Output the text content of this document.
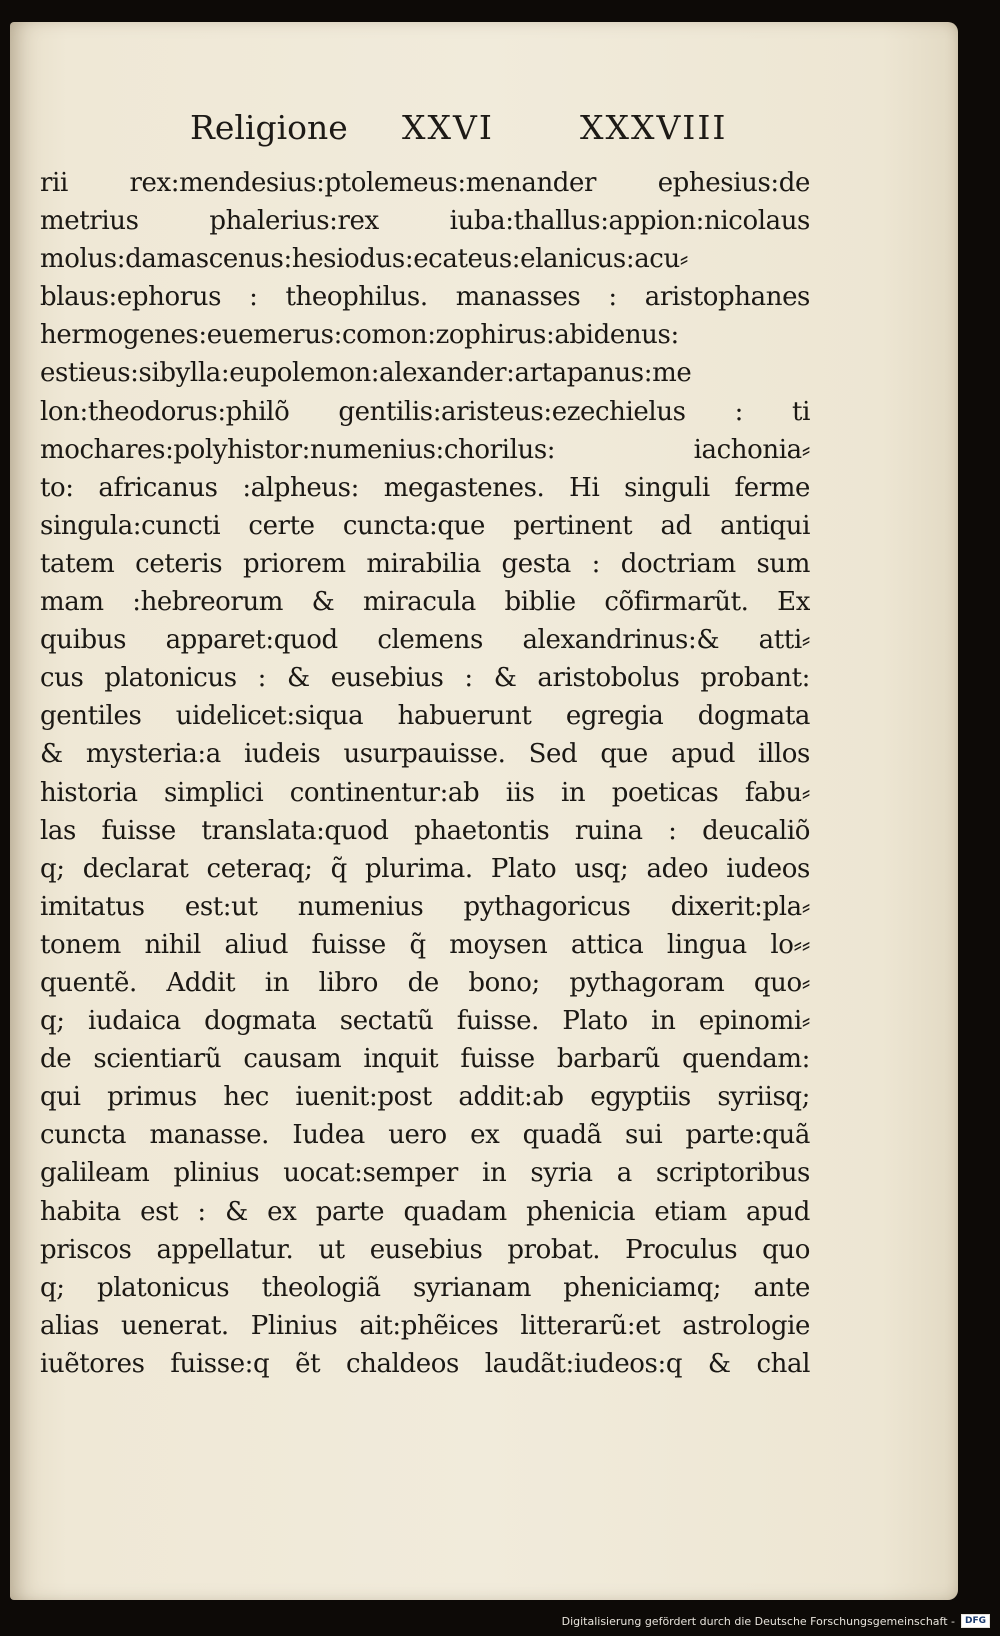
Religione XXVI	XXXVIII
rii rex:mendesius:ptolemeus:menander ephesius:de
metrius phalerius:rex iuba:thallus:appion:nicolaus
molus:damascenus:hesiodus:ecateus:elanicus:acu⸗
blaus:ephorus : theophilus. manasses : aristophanes
hermogenes:euemerus:comon:zophirus:abidenus:
estieus:sibylla:eupolemon:alexander:artapanus:me
lon:theodorus:philõ gentilis:aristeus:ezechielus : ti
mochares:polyhistor:numenius:chorilus: iachonia⸗
to: africanus :alpheus: megastenes. Hi singuli ferme
singula:cuncti certe cuncta:que pertinent ad antiqui
tatem ceteris priorem mirabilia gesta : doctriam sum
mam :hebreorum & miracula biblie cõfirmarũt. Ex
quibus apparet:quod clemens alexandrinus:& atti⸗
cus platonicus : & eusebius : & aristobolus probant:
gentiles uidelicet:siqua habuerunt egregia dogmata
& mysteria:a iudeis usurpauisse. Sed que apud illos
historia simplici continentur:ab iis in poeticas fabu⸗
las fuisse translata:quod phaetontis ruina : deucaliõ
q; declarat ceteraq; q̃ plurima. Plato usq; adeo iudeos
imitatus est:ut numenius pythagoricus dixerit:pla⸗
tonem nihil aliud fuisse q̃ moysen attica lingua lo⸗⸗
quentẽ. Addit in libro de bono; pythagoram quo⸗
q; iudaica dogmata sectatũ fuisse. Plato in epinomi⸗
de scientiarũ causam inquit fuisse barbarũ quendam:
qui primus hec iuenit:post addit:ab egyptiis syriisq;
cuncta manasse. Iudea uero ex quadã sui parte:quã
galileam plinius uocat:semper in syria a scriptoribus
habita est : & ex parte quadam phenicia etiam apud
priscos appellatur. ut eusebius probat. Proculus quo
q; platonicus theologiã syrianam pheniciamq; ante
alias uenerat. Plinius ait:phẽices litterarũ:et astrologie
iuẽtores fuisse:q ẽt chaldeos laudãt:iudeos:q & chal
Digitalisierung gefördert durch die Deutsche Forschungsgemeinschaft -	DFG
